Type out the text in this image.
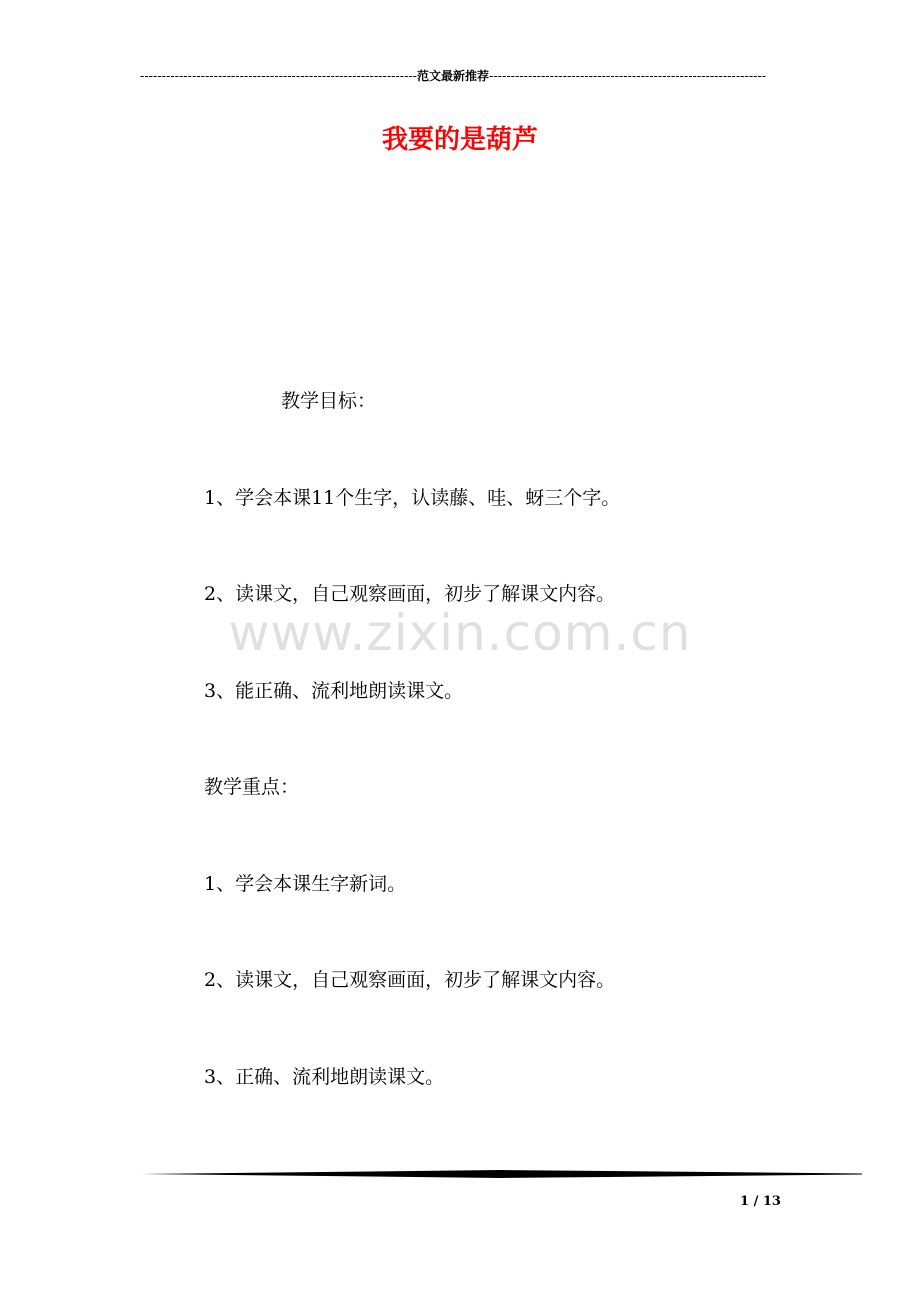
-----
范文最新推荐
-----
我要的是葫芦
www.zixin.com.cn
教学目标：
1、学会本课11个生字，认读藤、哇、蚜三个字。
2、读课文，自己观察画面，初步了解课文内容。
3、能正确、流利地朗读课文。
教学重点：
1、学会本课生字新词。
2、读课文，自己观察画面，初步了解课文内容。
3、正确、流利地朗读课文。
1 / 13
